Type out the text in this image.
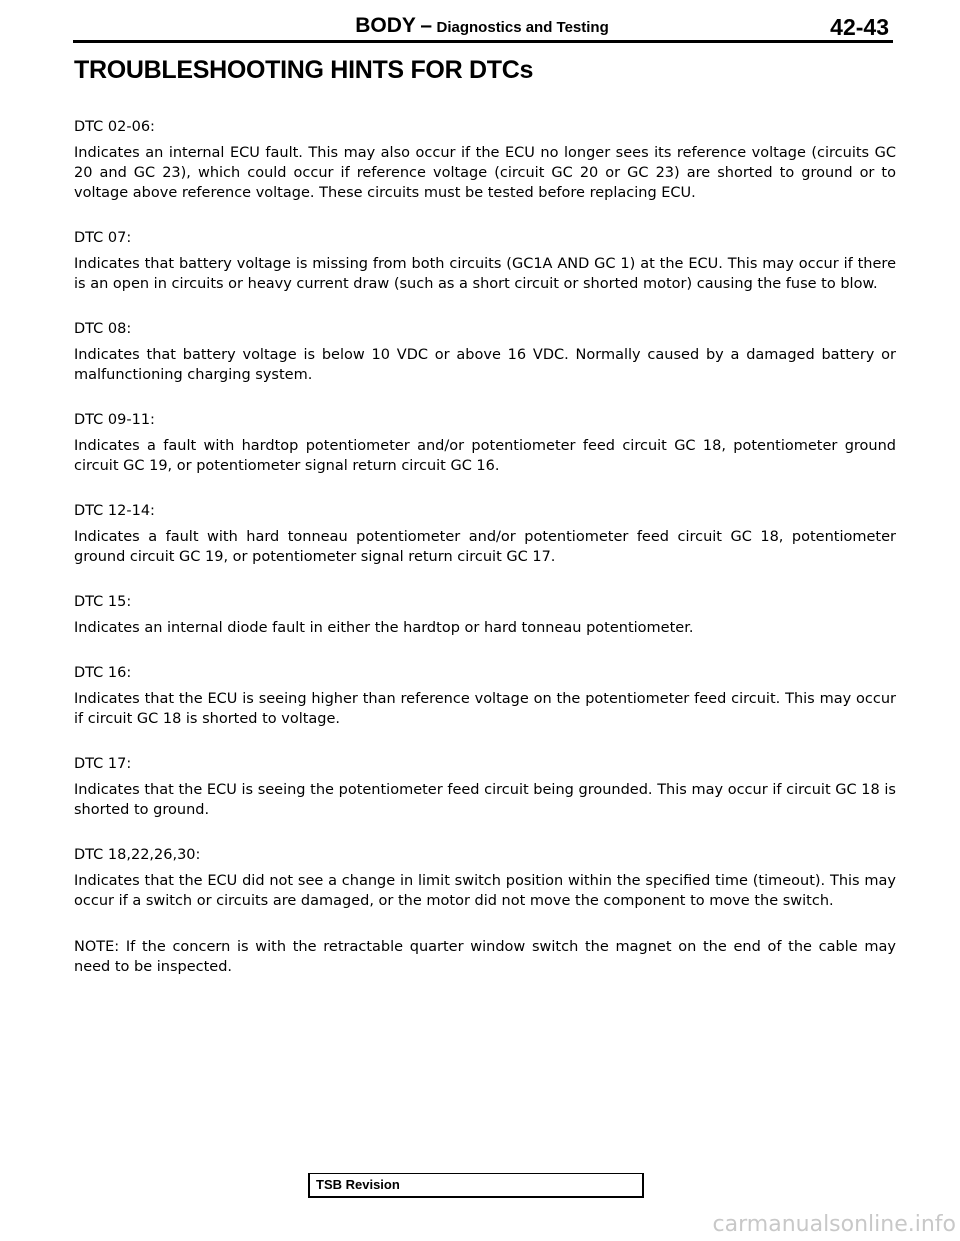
BODY – Diagnostics and Testing	42-43
TROUBLESHOOTING HINTS FOR DTCs

DTC 02-06:

Indicates an internal ECU fault. This may also occur if the ECU no longer sees its reference voltage (circuits GC 20 and GC 23), which could occur if reference voltage (circuit GC 20 or GC 23) are shorted to ground or to voltage above reference voltage. These circuits must be tested before replacing ECU.

DTC 07:

Indicates that battery voltage is missing from both circuits (GC1A AND GC 1) at the ECU. This may occur if there is an open in circuits or heavy current draw (such as a short circuit or shorted motor) causing the fuse to blow.

DTC 08:

Indicates that battery voltage is below 10 VDC or above 16 VDC. Normally caused by a damaged battery or malfunctioning charging system.

DTC 09-11:

Indicates a fault with hardtop potentiometer and/or potentiometer feed circuit GC 18, potentiometer ground circuit GC 19, or potentiometer signal return circuit GC 16.

DTC 12-14:

Indicates a fault with hard tonneau potentiometer and/or potentiometer feed circuit GC 18, potentiometer ground circuit GC 19, or potentiometer signal return circuit GC 17.

DTC 15:

Indicates an internal diode fault in either the hardtop or hard tonneau potentiometer.

DTC 16:

Indicates that the ECU is seeing higher than reference voltage on the potentiometer feed circuit. This may occur if circuit GC 18 is shorted to voltage.

DTC 17:

Indicates that the ECU is seeing the potentiometer feed circuit being grounded. This may occur if circuit GC 18 is shorted to ground.

DTC 18,22,26,30:

Indicates that the ECU did not see a change in limit switch position within the specified time (timeout). This may occur if a switch or circuits are damaged, or the motor did not move the component to move the switch.

NOTE: If the concern is with the retractable quarter window switch the magnet on the end of the cable may need to be inspected.

TSB Revision
carmanualsonline.info
